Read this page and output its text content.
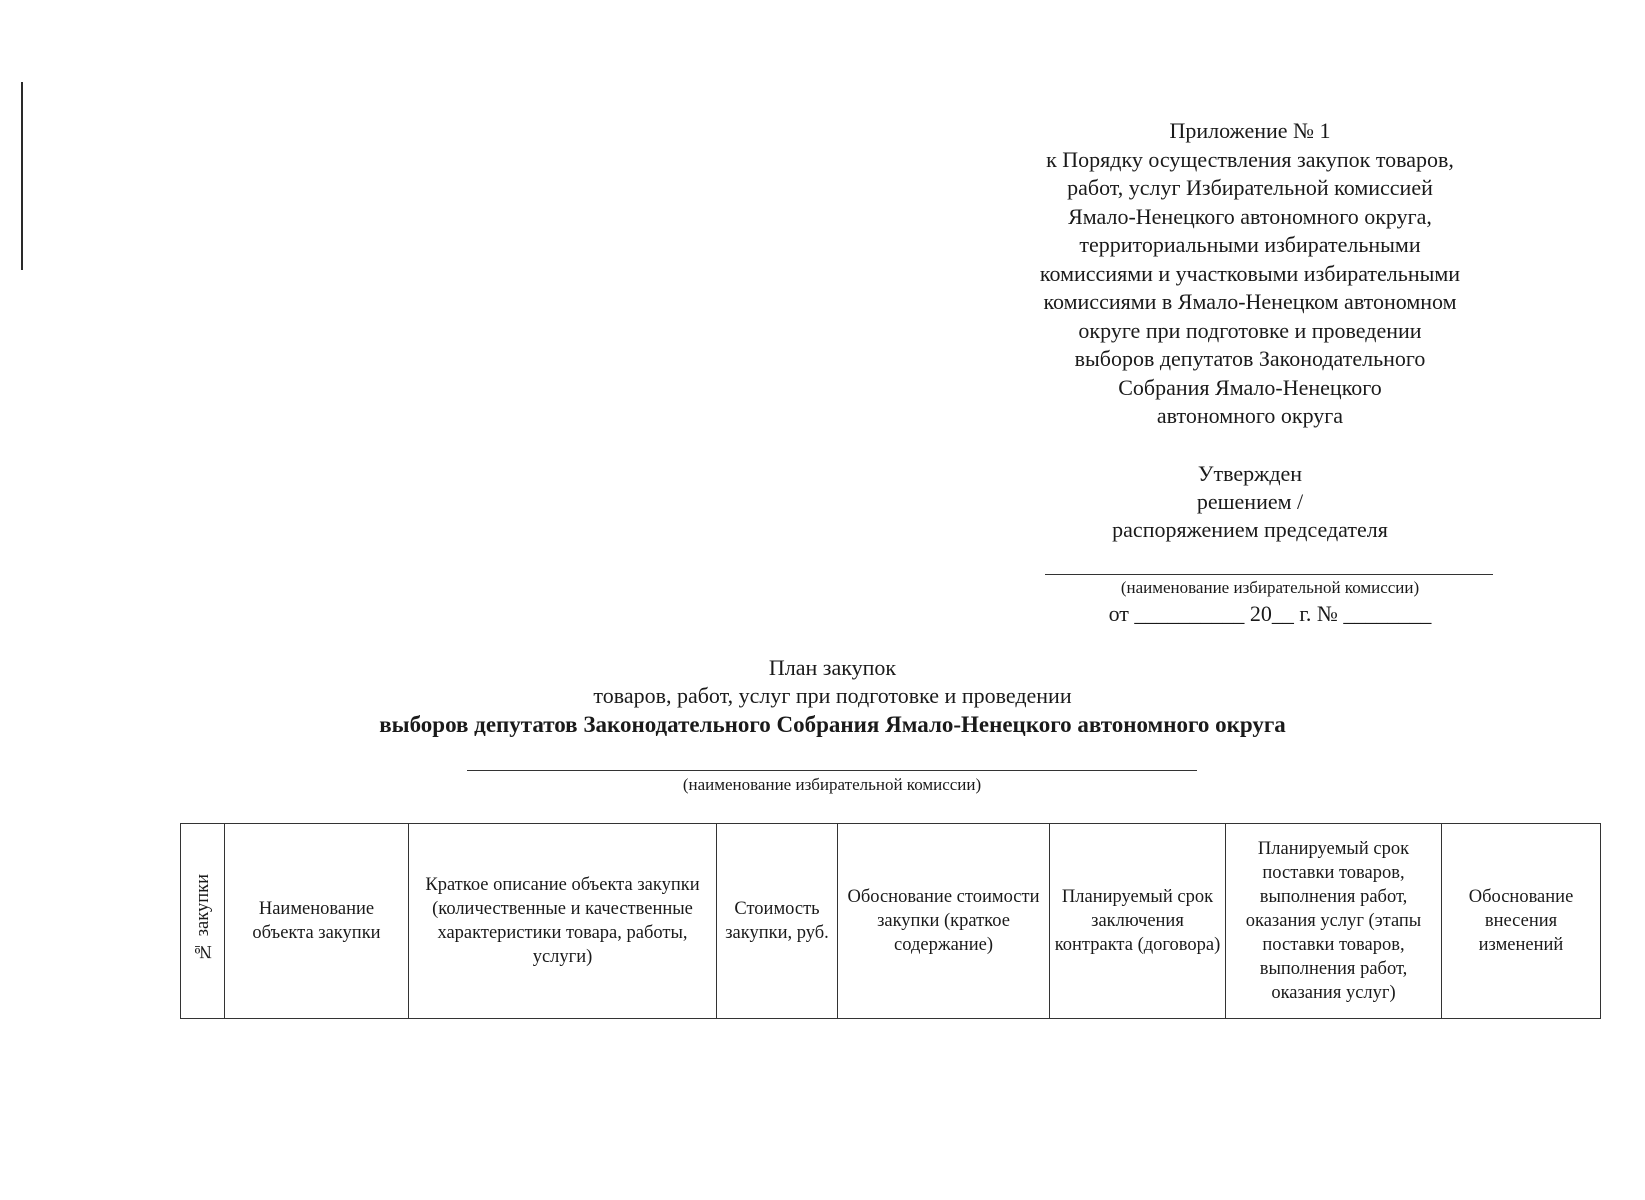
Приложение № 1
к Порядку осуществления закупок товаров,
работ, услуг Избирательной комиссией
Ямало-Ненецкого автономного округа,
территориальными избирательными
комиссиями и участковыми избирательными
комиссиями в Ямало-Ненецком автономном
округе при подготовке и проведении
выборов депутатов Законодательного
Собрания Ямало-Ненецкого
автономного округа
Утвержден
решением /
распоряжением председателя
(наименование избирательной комиссии)
от __________ 20__ г. № ________
План закупок
товаров, работ, услуг при подготовке и проведении
выборов депутатов Законодательного Собрания Ямало-Ненецкого автономного округа
(наименование избирательной комиссии)
№ закупки	Наименование объекта закупки	Краткое описание объекта закупки (количественные и качественные характеристики товара, работы, услуги)	Стоимость закупки, руб.	Обоснование стоимости закупки (краткое содержание)	Планируемый срок заключения контракта (договора)	Планируемый срок поставки товаров, выполнения работ, оказания услуг (этапы поставки товаров, выполнения работ, оказания услуг)	Обоснование внесения изменений
